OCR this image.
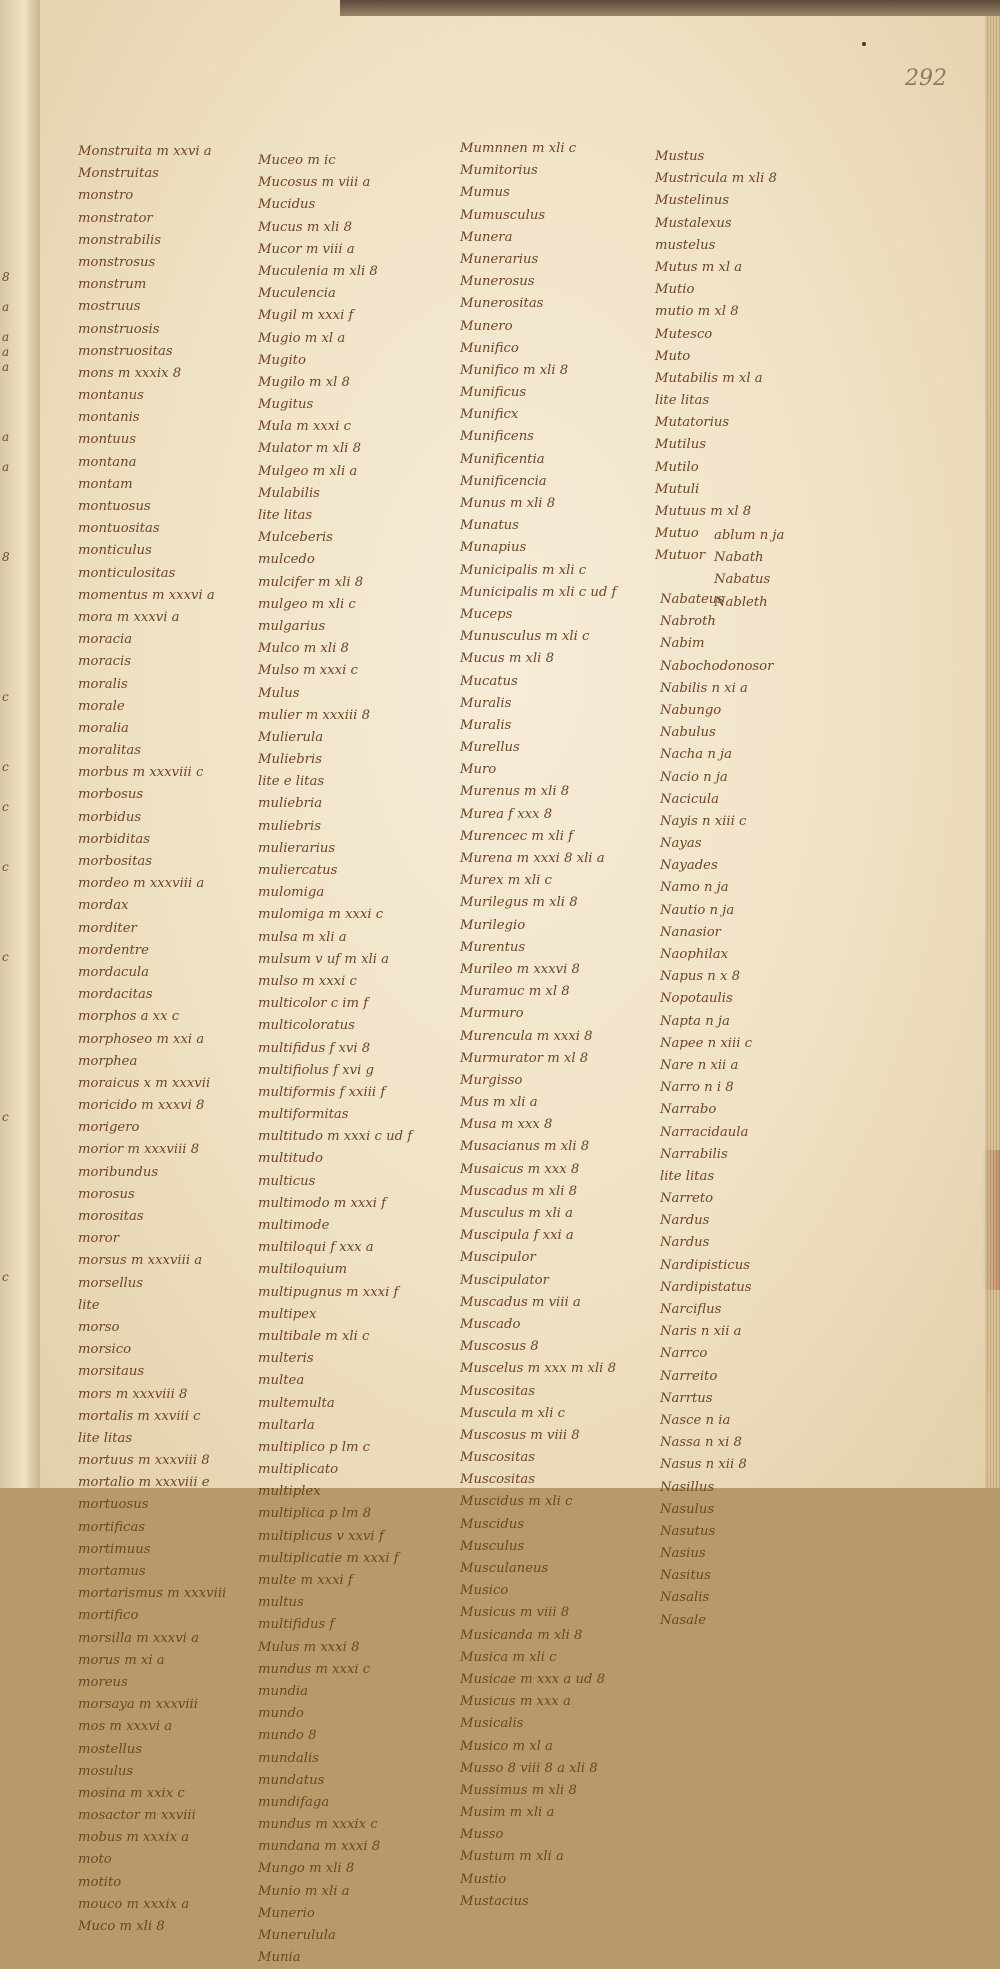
8
a
a
a
a
a
a
8
c
c
c
c
c
c
c
292
Monstruita m xxvi a
Monstruitas
monstro
monstrator
monstrabilis
monstrosus
monstrum
mostruus
monstruosis
monstruositas
mons m xxxix 8
montanus
montanis
montuus
montana
montam
montuosus
montuositas
monticulus
monticulositas
momentus m xxxvi a
mora m xxxvi a
moracia
moracis
moralis
morale
moralia
moralitas
morbus m xxxviii c
morbosus
morbidus
morbiditas
morbositas
mordeo m xxxviii a
mordax
morditer
mordentre
mordacula
mordacitas
morphos a xx c
morphoseo m xxi a
morphea
moraicus x m xxxvii
moricido m xxxvi 8
morigero
morior m xxxviii 8
moribundus
morosus
morositas
moror
morsus m xxxviii a
morsellus
lite
morso
morsico
morsitaus
mors m xxxviii 8
mortalis m xxviii c
lite litas
mortuus m xxxviii 8
mortalio m xxxviii e
mortuosus
mortificas
mortimuus
mortamus
mortarismus m xxxviii
mortifico
morsilla m xxxvi a
morus m xi a
moreus
morsaya m xxxviii
mos m xxxvi a
mostellus
mosulus
mosina m xxix c
mosactor m xxviii
mobus m xxxix a
moto
motito
mouco m xxxix a
Muco m xli 8
Muceo m ic
Mucosus m viii a
Mucidus
Mucus m xli 8
Mucor m viii a
Muculenia m xli 8
Muculencia
Mugil m xxxi f
Mugio m xl a
Mugito
Mugilo m xl 8
Mugitus
Mula m xxxi c
Mulator m xli 8
Mulgeo m xli a
Mulabilis
lite litas
Mulceberis
mulcedo
mulcifer m xli 8
mulgeo m xli c
mulgarius
Mulco m xli 8
Mulso m xxxi c
Mulus
mulier m xxxiii 8
Mulierula
Muliebris
lite e litas
muliebria
muliebris
mulierarius
muliercatus
mulomiga
mulomiga m xxxi c
mulsa m xli a
mulsum v uf m xli a
mulso m xxxi c
multicolor c im f
multicoloratus
multifidus f xvi 8
multifiolus f xvi g
multiformis f xxiii f
multiformitas
multitudo m xxxi c ud f
multitudo
multicus
multimodo m xxxi f
multimode
multiloqui f xxx a
multiloquium
multipugnus m xxxi f
multipex
multibale m xli c
multeris
multea
multemulta
multarla
multiplico p lm c
multiplicato
multiplex
multiplica p lm 8
multiplicus v xxvi f
multiplicatie m xxxi f
multe m xxxi f
multus
multifidus f
Mulus m xxxi 8
mundus m xxxi c
mundia
mundo
mundo 8
mundalis
mundatus
mundifaga
mundus m xxxix c
mundana m xxxi 8
Mungo m xli 8
Munio m xli a
Munerio
Munerulula
Munia
Mumnnen m xli c
Mumitorius
Mumus
Mumusculus
Munera
Munerarius
Munerosus
Munerositas
Munero
Munifico
Munifico m xli 8
Munificus
Munificx
Munificens
Munificentia
Munificencia
Munus m xli 8
Munatus
Munapius
Municipalis m xli c
Municipalis m xli c ud f
Muceps
Munusculus m xli c
Mucus m xli 8
Mucatus
Muralis
Muralis
Murellus
Muro
Murenus m xli 8
Murea f xxx 8
Murencec m xli f
Murena m xxxi 8 xli a
Murex m xli c
Murilegus m xli 8
Murilegio
Murentus
Murileo m xxxvi 8
Muramuc m xl 8
Murmuro
Murencula m xxxi 8
Murmurator m xl 8
Murgisso
Mus m xli a
Musa m xxx 8
Musacianus m xli 8
Musaicus m xxx 8
Muscadus m xli 8
Musculus m xli a
Muscipula f xxi a
Muscipulor
Muscipulator
Muscadus m viii a
Muscado
Muscosus 8
Muscelus m xxx m xli 8
Muscositas
Muscula m xli c
Muscosus m viii 8
Muscositas
Muscositas
Muscidus m xli c
Muscidus
Musculus
Musculaneus
Musico
Musicus m viii 8
Musicanda m xli 8
Musica m xli c
Musicae m xxx a ud 8
Musicus m xxx a
Musicalis
Musico m xl a
Musso 8 viii 8 a xli 8
Mussimus m xli 8
Musim m xli a
Musso
Mustum m xli a
Mustio
Mustacius
Mustus
Mustricula m xli 8
Mustelinus
Mustalexus
mustelus
Mutus m xl a
Mutio
mutio m xl 8
Mutesco
Muto
Mutabilis m xl a
lite litas
Mutatorius
Mutilus
Mutilo
Mutuli
Mutuus m xl 8
Mutuo
Mutuor
ablum n ja
Nabath
Nabatus
Nableth
Nabateus
Nabroth
Nabim
Nabochodonosor
Nabilis n xi a
Nabungo
Nabulus
Nacha n ja
Nacio n ja
Nacicula
Nayis n xiii c
Nayas
Nayades
Namo n ja
Nautio n ja
Nanasior
Naophilax
Napus n x 8
Nopotaulis
Napta n ja
Napee n xiii c
Nare n xii a
Narro n i 8
Narrabo
Narracidaula
Narrabilis
lite litas
Narreto
Nardus
Nardus
Nardipisticus
Nardipistatus
Narciflus
Naris n xii a
Narrco
Narreito
Narrtus
Nasce n ia
Nassa n xi 8
Nasus n xii 8
Nasillus
Nasulus
Nasutus
Nasius
Nasitus
Nasalis
Nasale
